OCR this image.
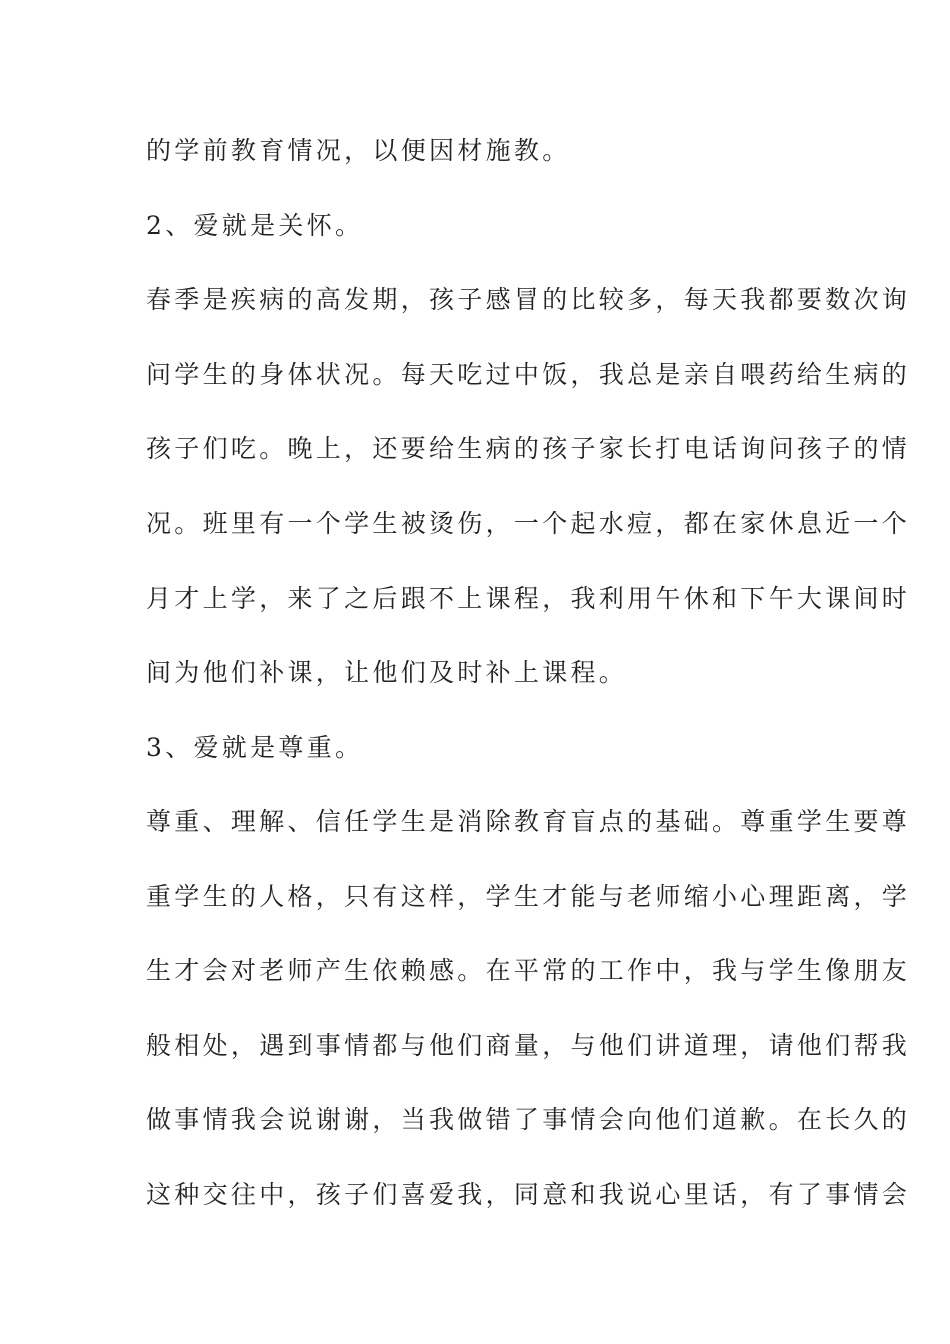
的学前教育情况，以便因材施教。
2、爱就是关怀。
春季是疾病的高发期，孩子感冒的比较多，每天我都要数次询
问学生的身体状况。每天吃过中饭，我总是亲自喂药给生病的
孩子们吃。晚上，还要给生病的孩子家长打电话询问孩子的情
况。班里有一个学生被烫伤，一个起水痘，都在家休息近一个
月才上学，来了之后跟不上课程，我利用午休和下午大课间时
间为他们补课，让他们及时补上课程。
3、爱就是尊重。
尊重、理解、信任学生是消除教育盲点的基础。尊重学生要尊
重学生的人格，只有这样，学生才能与老师缩小心理距离，学
生才会对老师产生依赖感。在平常的工作中，我与学生像朋友
般相处，遇到事情都与他们商量，与他们讲道理，请他们帮我
做事情我会说谢谢，当我做错了事情会向他们道歉。在长久的
这种交往中，孩子们喜爱我，同意和我说心里话，有了事情会
